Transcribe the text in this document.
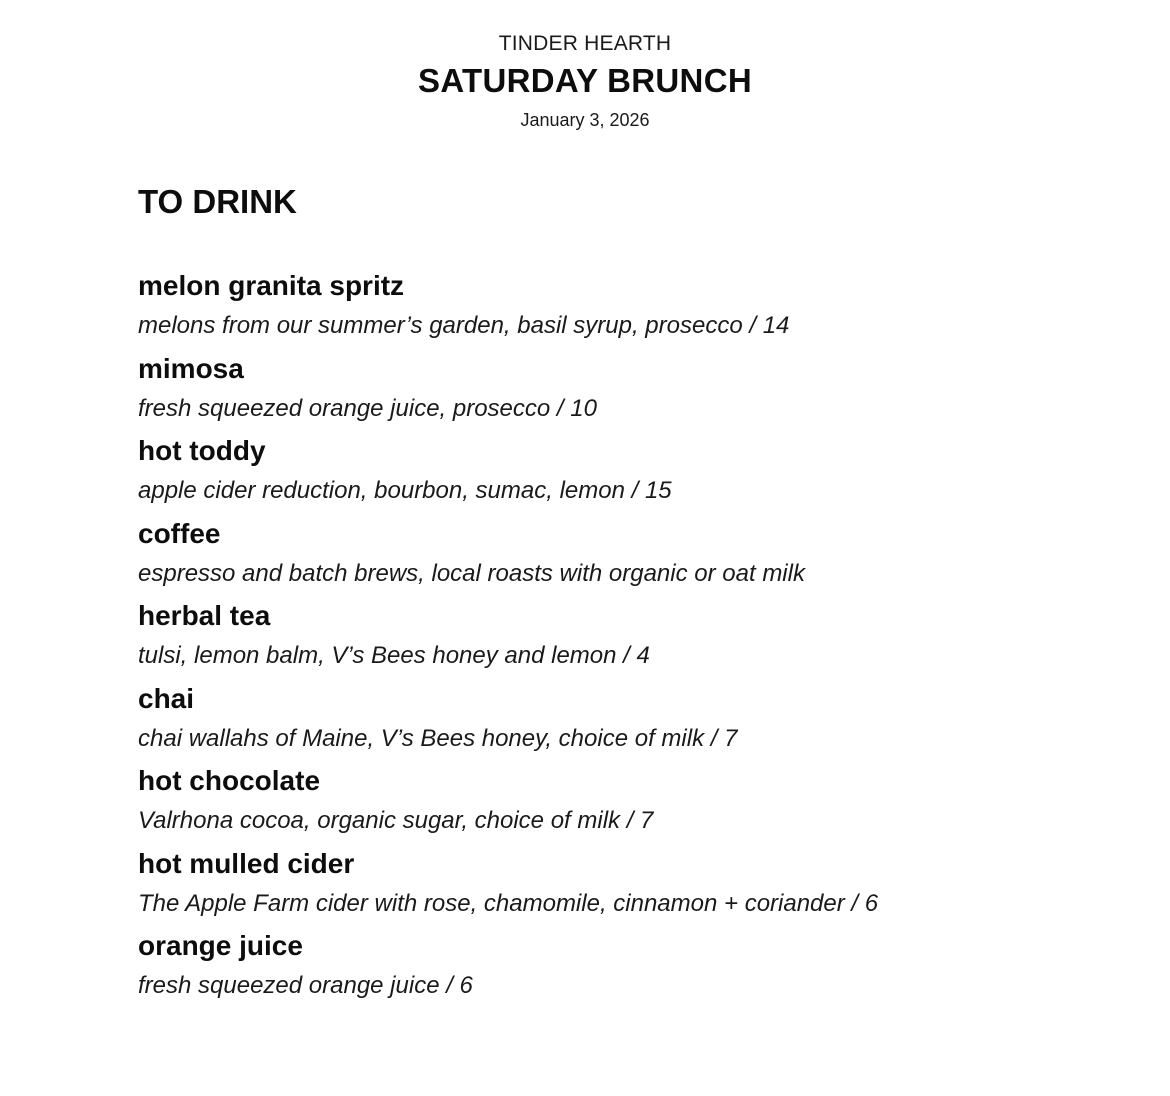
TINDER HEARTH
SATURDAY BRUNCH
January 3, 2026
TO DRINK
melon granita spritz
melons from our summer’s garden, basil syrup, prosecco / 14
mimosa
fresh squeezed orange juice, prosecco / 10
hot toddy
apple cider reduction, bourbon, sumac, lemon / 15
coffee
espresso and batch brews, local roasts with organic or oat milk
herbal tea
tulsi, lemon balm, V’s Bees honey and lemon / 4
chai
chai wallahs of Maine, V’s Bees honey, choice of milk / 7
hot chocolate
Valrhona cocoa, organic sugar, choice of milk / 7
hot mulled cider
The Apple Farm cider with rose, chamomile, cinnamon + coriander / 6
orange juice
fresh squeezed orange juice / 6
